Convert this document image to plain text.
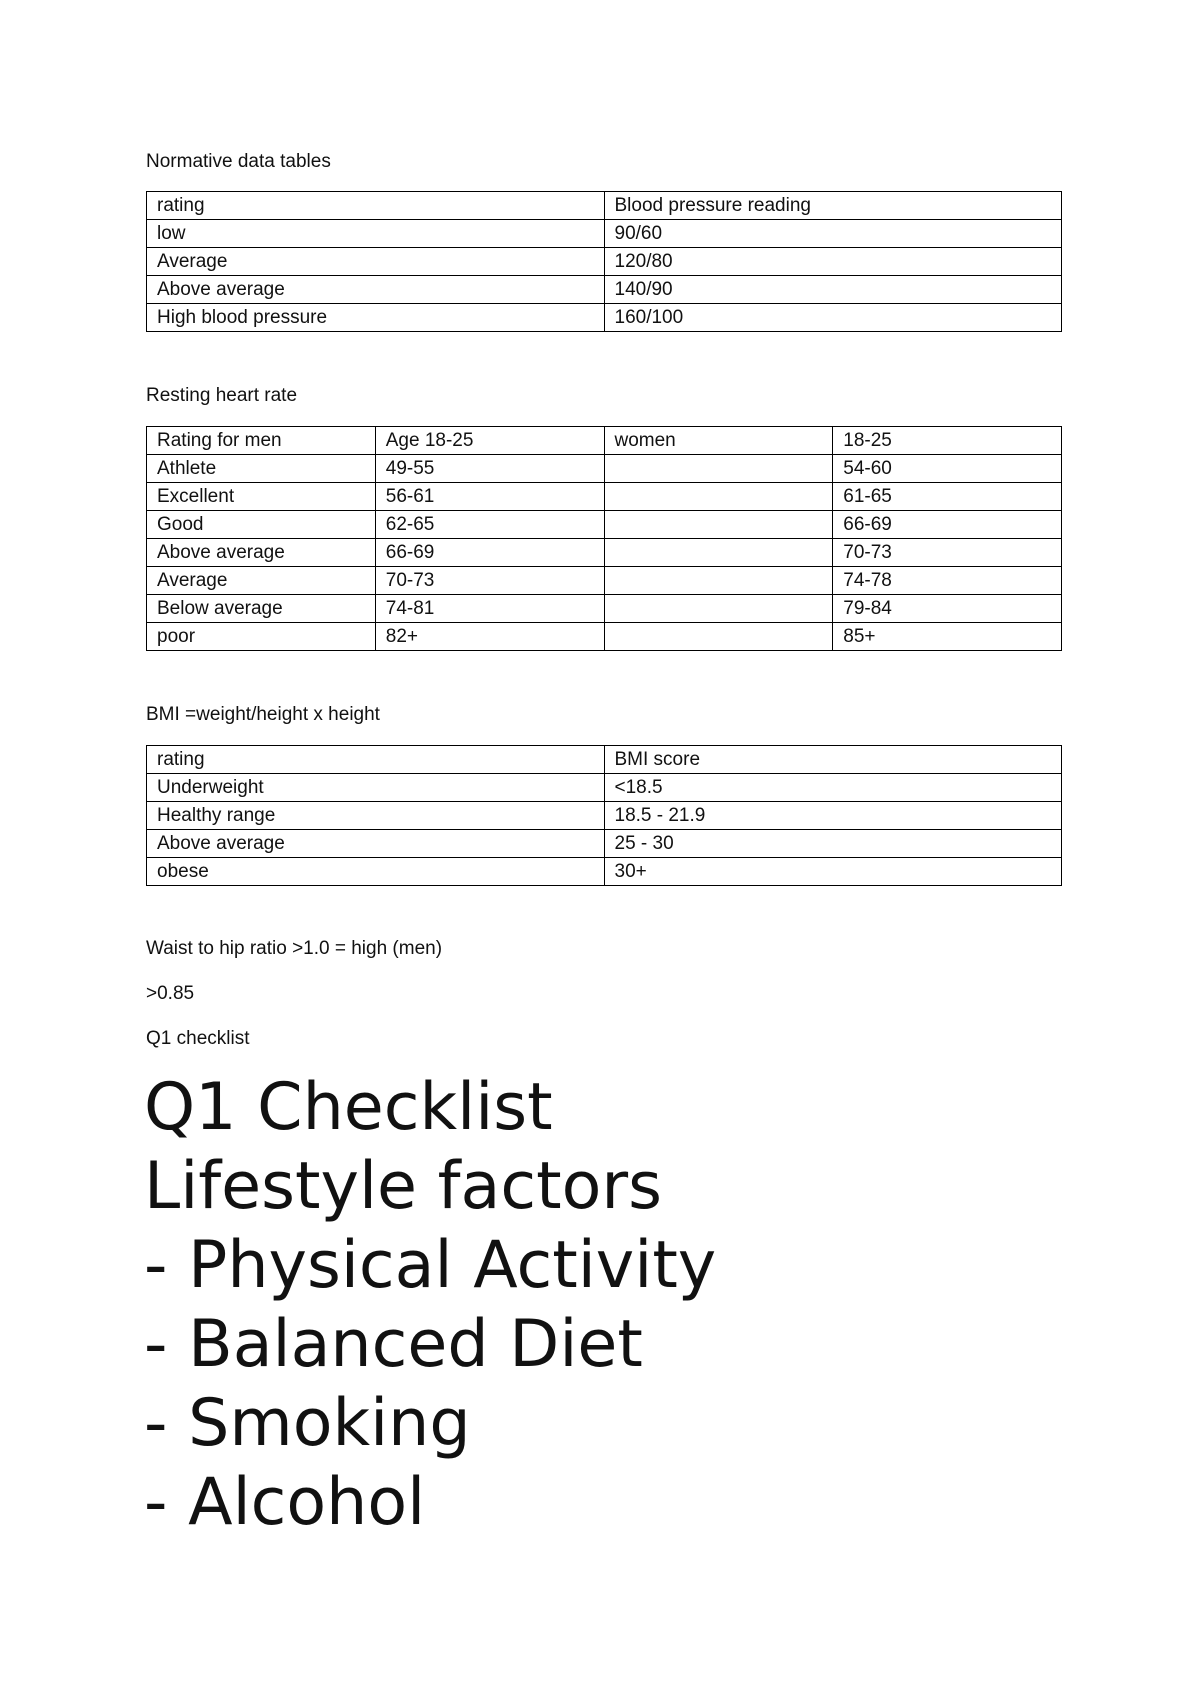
Normative data tables
rating	Blood pressure reading
low	90/60
Average	120/80
Above average	140/90
High blood pressure	160/100
Resting heart rate
Rating for men	Age 18-25	women	18-25
Athlete	49-55		54-60
Excellent	56-61		61-65
Good	62-65		66-69
Above average	66-69		70-73
Average	70-73		74-78
Below average	74-81		79-84
poor	82+		85+
BMI =weight/height x height
rating	BMI score
Underweight	<18.5
Healthy range	18.5 - 21.9
Above average	25 - 30
obese	30+
Waist to hip ratio >1.0 = high (men)
>0.85
Q1 checklist
Q1 Checklist
Lifestyle factors
- Physical Activity
- Balanced Diet
- Smoking
- Alcohol
